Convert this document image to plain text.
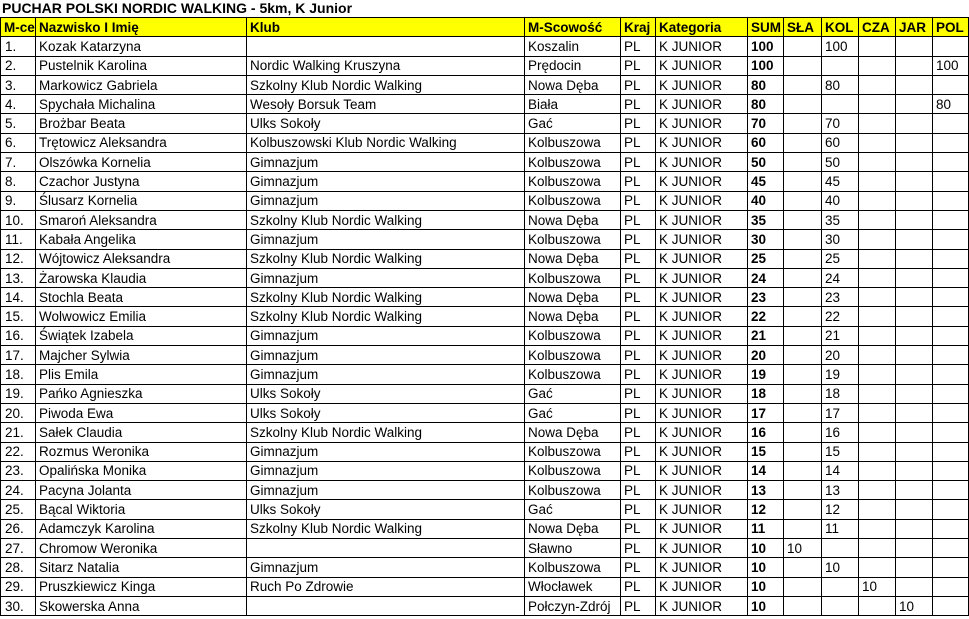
PUCHAR POLSKI NORDIC WALKING - 5km, K Junior
M-ce	Nazwisko I Imię	Klub	M-Scowość	Kraj	Kategoria	SUM	SŁA	KOL	CZA	JAR	POL
1.	Kozak Katarzyna		Koszalin	PL	K JUNIOR	100		100			
2.	Pustelnik Karolina	Nordic Walking Kruszyna	Prędocin	PL	K JUNIOR	100					100
3.	Markowicz Gabriela	Szkolny Klub Nordic Walking	Nowa Dęba	PL	K JUNIOR	80		80			
4.	Spychała Michalina	Wesoły Borsuk Team	Biała	PL	K JUNIOR	80					80
5.	Brożbar Beata	Ulks Sokoły	Gać	PL	K JUNIOR	70		70			
6.	Trętowicz Aleksandra	Kolbuszowski Klub Nordic Walking	Kolbuszowa	PL	K JUNIOR	60		60			
7.	Olszówka Kornelia	Gimnazjum	Kolbuszowa	PL	K JUNIOR	50		50			
8.	Czachor Justyna	Gimnazjum	Kolbuszowa	PL	K JUNIOR	45		45			
9.	Ślusarz Kornelia	Gimnazjum	Kolbuszowa	PL	K JUNIOR	40		40			
10.	Smaroń Aleksandra	Szkolny Klub Nordic Walking	Nowa Dęba	PL	K JUNIOR	35		35			
11.	Kabała Angelika	Gimnazjum	Kolbuszowa	PL	K JUNIOR	30		30			
12.	Wójtowicz Aleksandra	Szkolny Klub Nordic Walking	Nowa Dęba	PL	K JUNIOR	25		25			
13.	Żarowska Klaudia	Gimnazjum	Kolbuszowa	PL	K JUNIOR	24		24			
14.	Stochla Beata	Szkolny Klub Nordic Walking	Nowa Dęba	PL	K JUNIOR	23		23			
15.	Wolwowicz Emilia	Szkolny Klub Nordic Walking	Nowa Dęba	PL	K JUNIOR	22		22			
16.	Świątek Izabela	Gimnazjum	Kolbuszowa	PL	K JUNIOR	21		21			
17.	Majcher Sylwia	Gimnazjum	Kolbuszowa	PL	K JUNIOR	20		20			
18.	Plis Emila	Gimnazjum	Kolbuszowa	PL	K JUNIOR	19		19			
19.	Pańko Agnieszka	Ulks Sokoły	Gać	PL	K JUNIOR	18		18			
20.	Piwoda Ewa	Ulks Sokoły	Gać	PL	K JUNIOR	17		17			
21.	Sałek Claudia	Szkolny Klub Nordic Walking	Nowa Dęba	PL	K JUNIOR	16		16			
22.	Rozmus Weronika	Gimnazjum	Kolbuszowa	PL	K JUNIOR	15		15			
23.	Opalińska Monika	Gimnazjum	Kolbuszowa	PL	K JUNIOR	14		14			
24.	Pacyna Jolanta	Gimnazjum	Kolbuszowa	PL	K JUNIOR	13		13			
25.	Bącal Wiktoria	Ulks Sokoły	Gać	PL	K JUNIOR	12		12			
26.	Adamczyk Karolina	Szkolny Klub Nordic Walking	Nowa Dęba	PL	K JUNIOR	11		11			
27.	Chromow Weronika		Sławno	PL	K JUNIOR	10	10				
28.	Sitarz Natalia	Gimnazjum	Kolbuszowa	PL	K JUNIOR	10		10			
29.	Pruszkiewicz Kinga	Ruch Po Zdrowie	Włocławek	PL	K JUNIOR	10			10		
30.	Skowerska Anna		Połczyn-Zdrój	PL	K JUNIOR	10				10	
